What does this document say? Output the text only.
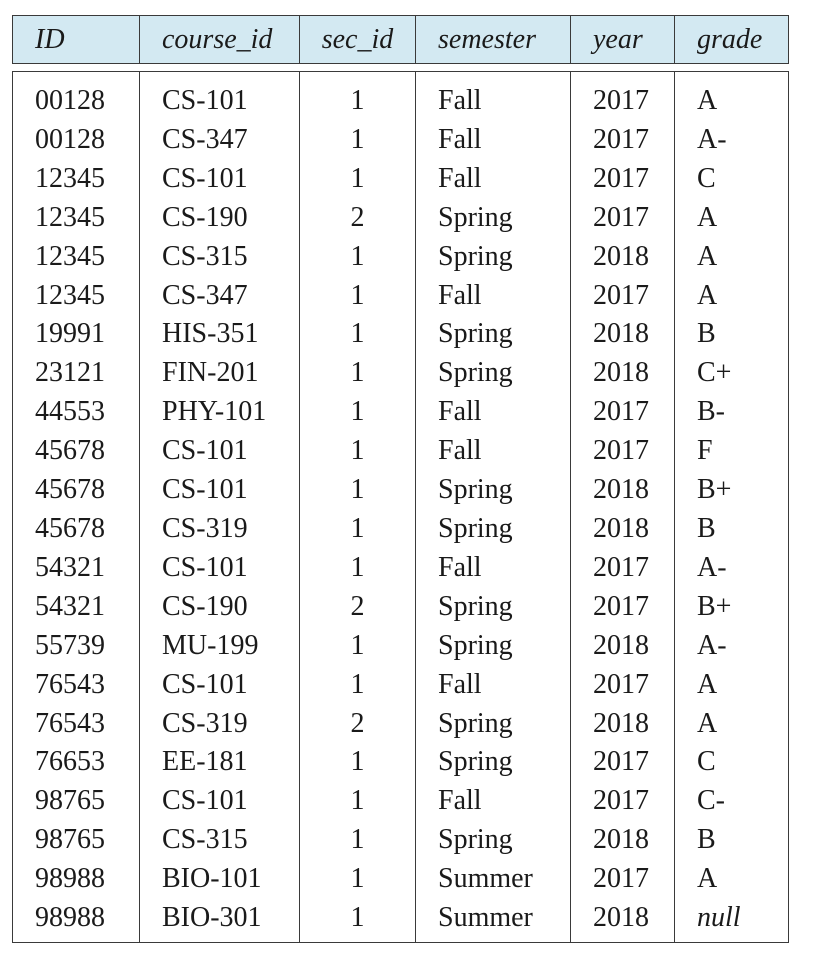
ID	course_id	sec_id	semester	year	grade

00128	CS-101	1	Fall	2017	A
00128	CS-347	1	Fall	2017	A-
12345	CS-101	1	Fall	2017	C
12345	CS-190	2	Spring	2017	A
12345	CS-315	1	Spring	2018	A
12345	CS-347	1	Fall	2017	A
19991	HIS-351	1	Spring	2018	B
23121	FIN-201	1	Spring	2018	C+
44553	PHY-101	1	Fall	2017	B-
45678	CS-101	1	Fall	2017	F
45678	CS-101	1	Spring	2018	B+
45678	CS-319	1	Spring	2018	B
54321	CS-101	1	Fall	2017	A-
54321	CS-190	2	Spring	2017	B+
55739	MU-199	1	Spring	2018	A-
76543	CS-101	1	Fall	2017	A
76543	CS-319	2	Spring	2018	A
76653	EE-181	1	Spring	2017	C
98765	CS-101	1	Fall	2017	C-
98765	CS-315	1	Spring	2018	B
98988	BIO-101	1	Summer	2017	A
98988	BIO-301	1	Summer	2018	null
